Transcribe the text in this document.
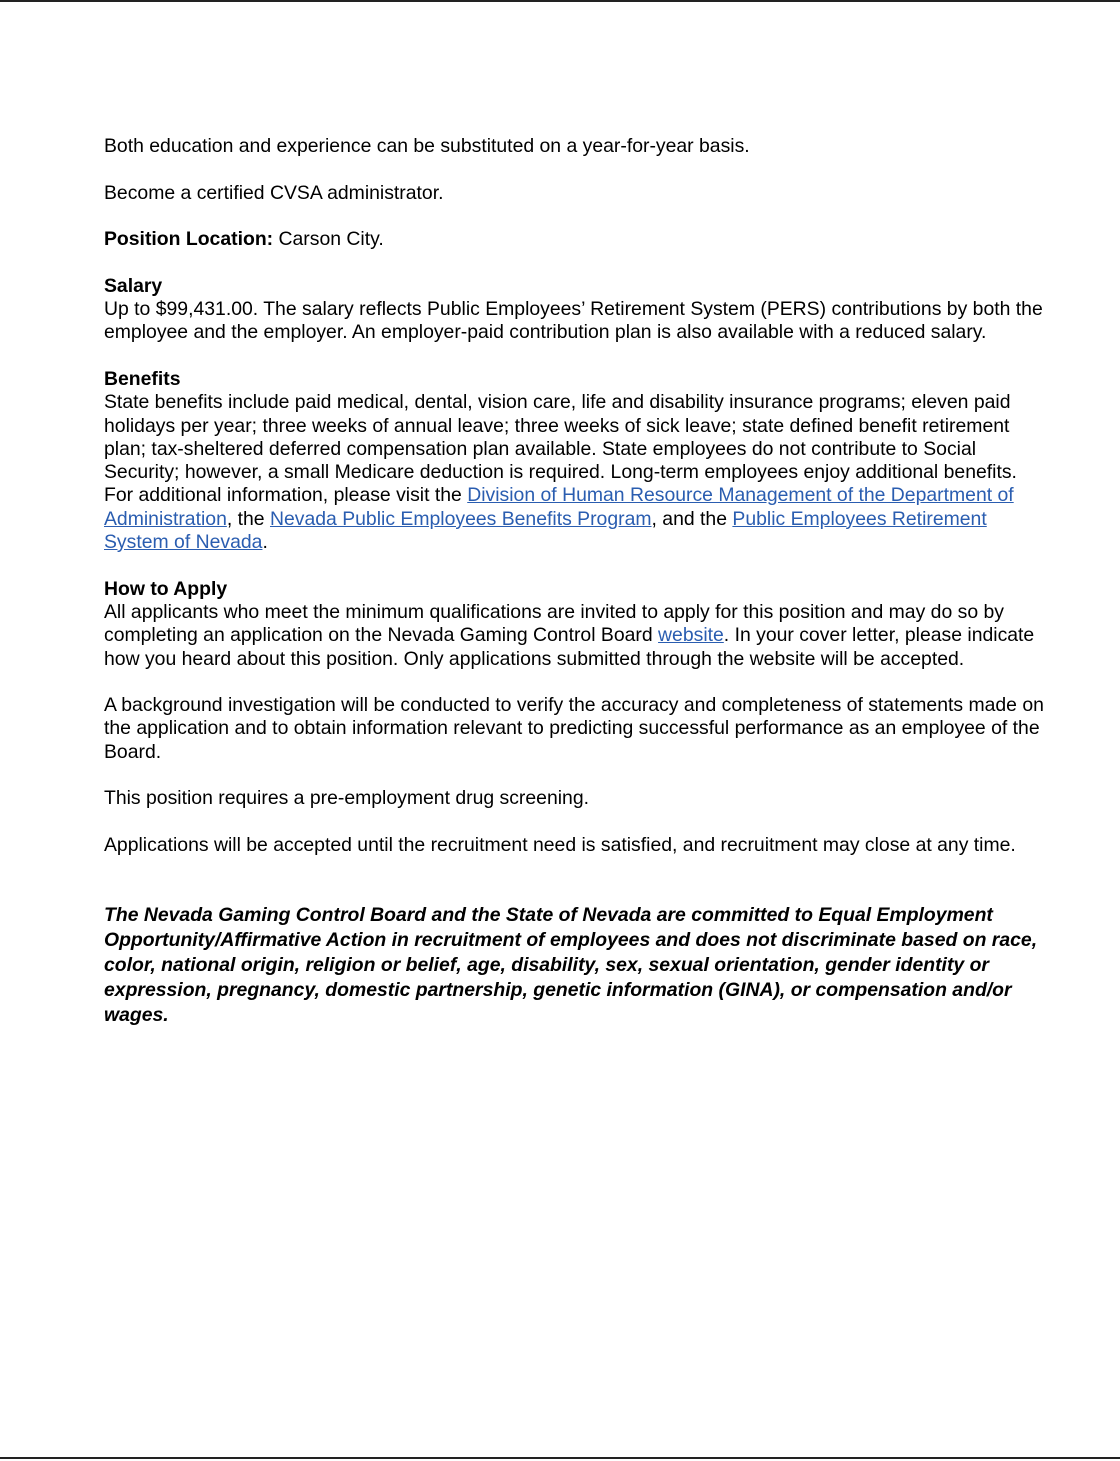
Both education and experience can be substituted on a year-for-year basis.

Become a certified CVSA administrator.

Position Location: Carson City.

Salary
Up to $99,431.00. The salary reflects Public Employees’ Retirement System (PERS) contributions by both the employee and the employer. An employer-paid contribution plan is also available with a reduced salary.

Benefits
State benefits include paid medical, dental, vision care, life and disability insurance programs; eleven paid holidays per year; three weeks of annual leave; three weeks of sick leave; state defined benefit retirement plan; tax-sheltered deferred compensation plan available. State employees do not contribute to Social Security; however, a small Medicare deduction is required. Long-term employees enjoy additional benefits. For additional information, please visit the Division of Human Resource Management of the Department of Administration, the Nevada Public Employees Benefits Program, and the Public Employees Retirement System of Nevada.

How to Apply
All applicants who meet the minimum qualifications are invited to apply for this position and may do so by completing an application on the Nevada Gaming Control Board website. In your cover letter, please indicate how you heard about this position. Only applications submitted through the website will be accepted.

A background investigation will be conducted to verify the accuracy and completeness of statements made on the application and to obtain information relevant to predicting successful performance as an employee of the Board.

This position requires a pre-employment drug screening.

Applications will be accepted until the recruitment need is satisfied, and recruitment may close at any time.

The Nevada Gaming Control Board and the State of Nevada are committed to Equal Employment Opportunity/Affirmative Action in recruitment of employees and does not discriminate based on race, color, national origin, religion or belief, age, disability, sex, sexual orientation, gender identity or expression, pregnancy, domestic partnership, genetic information (GINA), or compensation and/or wages.
